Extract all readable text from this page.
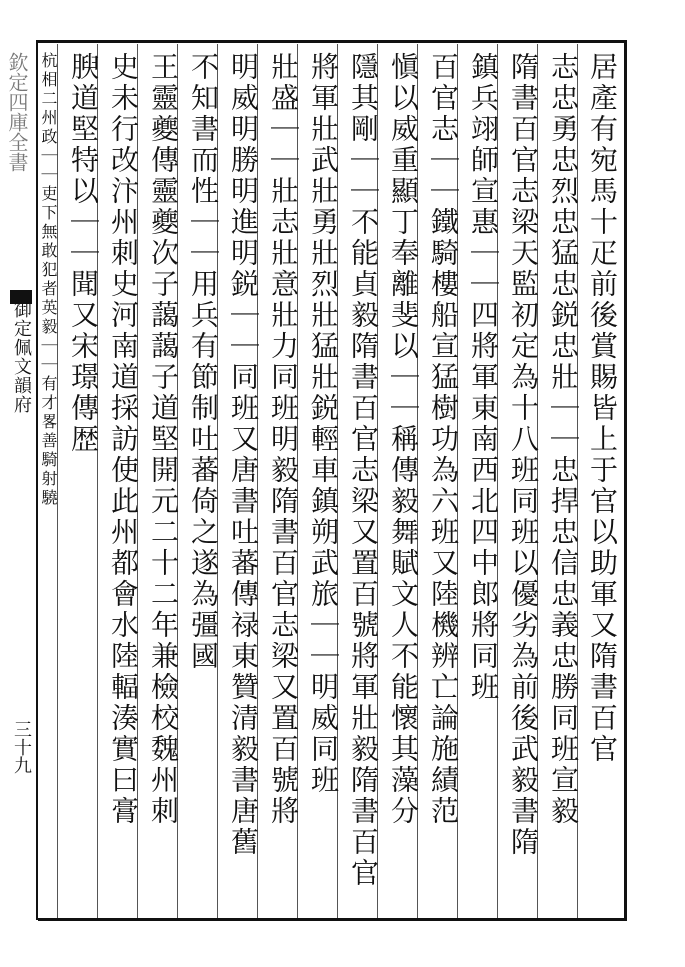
欽定四庫全書
御定佩文韻府
三十九	居產有宛馬十疋前後賞賜皆上于官以助軍又隋書百官
志忠勇忠烈忠猛忠鋭忠壯｜｜忠捍忠信忠義忠勝同班宣毅
隋書百官志梁天監初定為十八班同班以優劣為前後武毅書隋
鎮兵翊師宣惠｜｜四將軍東南西北四中郎將同班
百官志｜｜鐵騎樓船宣猛樹功為六班又陸機辨亡論施績范
愼以威重顯丁奉離斐以｜｜稱傳毅舞賦文人不能懷其藻分
隱其剛｜｜不能貞毅隋書百官志梁又置百號將軍壯毅隋書百官
將軍壯武壯勇壯烈壯猛壯鋭輕車鎮朔武旅｜｜明威同班
壯盛｜｜壯志壯意壯力同班明毅隋書百官志梁又置百號將
明威明勝明進明鋭｜｜同班又唐書吐蕃傳禄東贊清毅書唐舊
不知書而性｜｜用兵有節制吐蕃倚之遂為彊國
王靈夔傳靈夔次子藹藹子道堅開元二十二年兼檢校魏州刺
史未行改汴州刺史河南道採訪使此州都會水陸輻湊實曰膏
腴道堅特以｜｜聞又宋璟傳歴
杭相二州政｜｜吏下無敢犯者英毅｜｜有才畧善騎射驍
